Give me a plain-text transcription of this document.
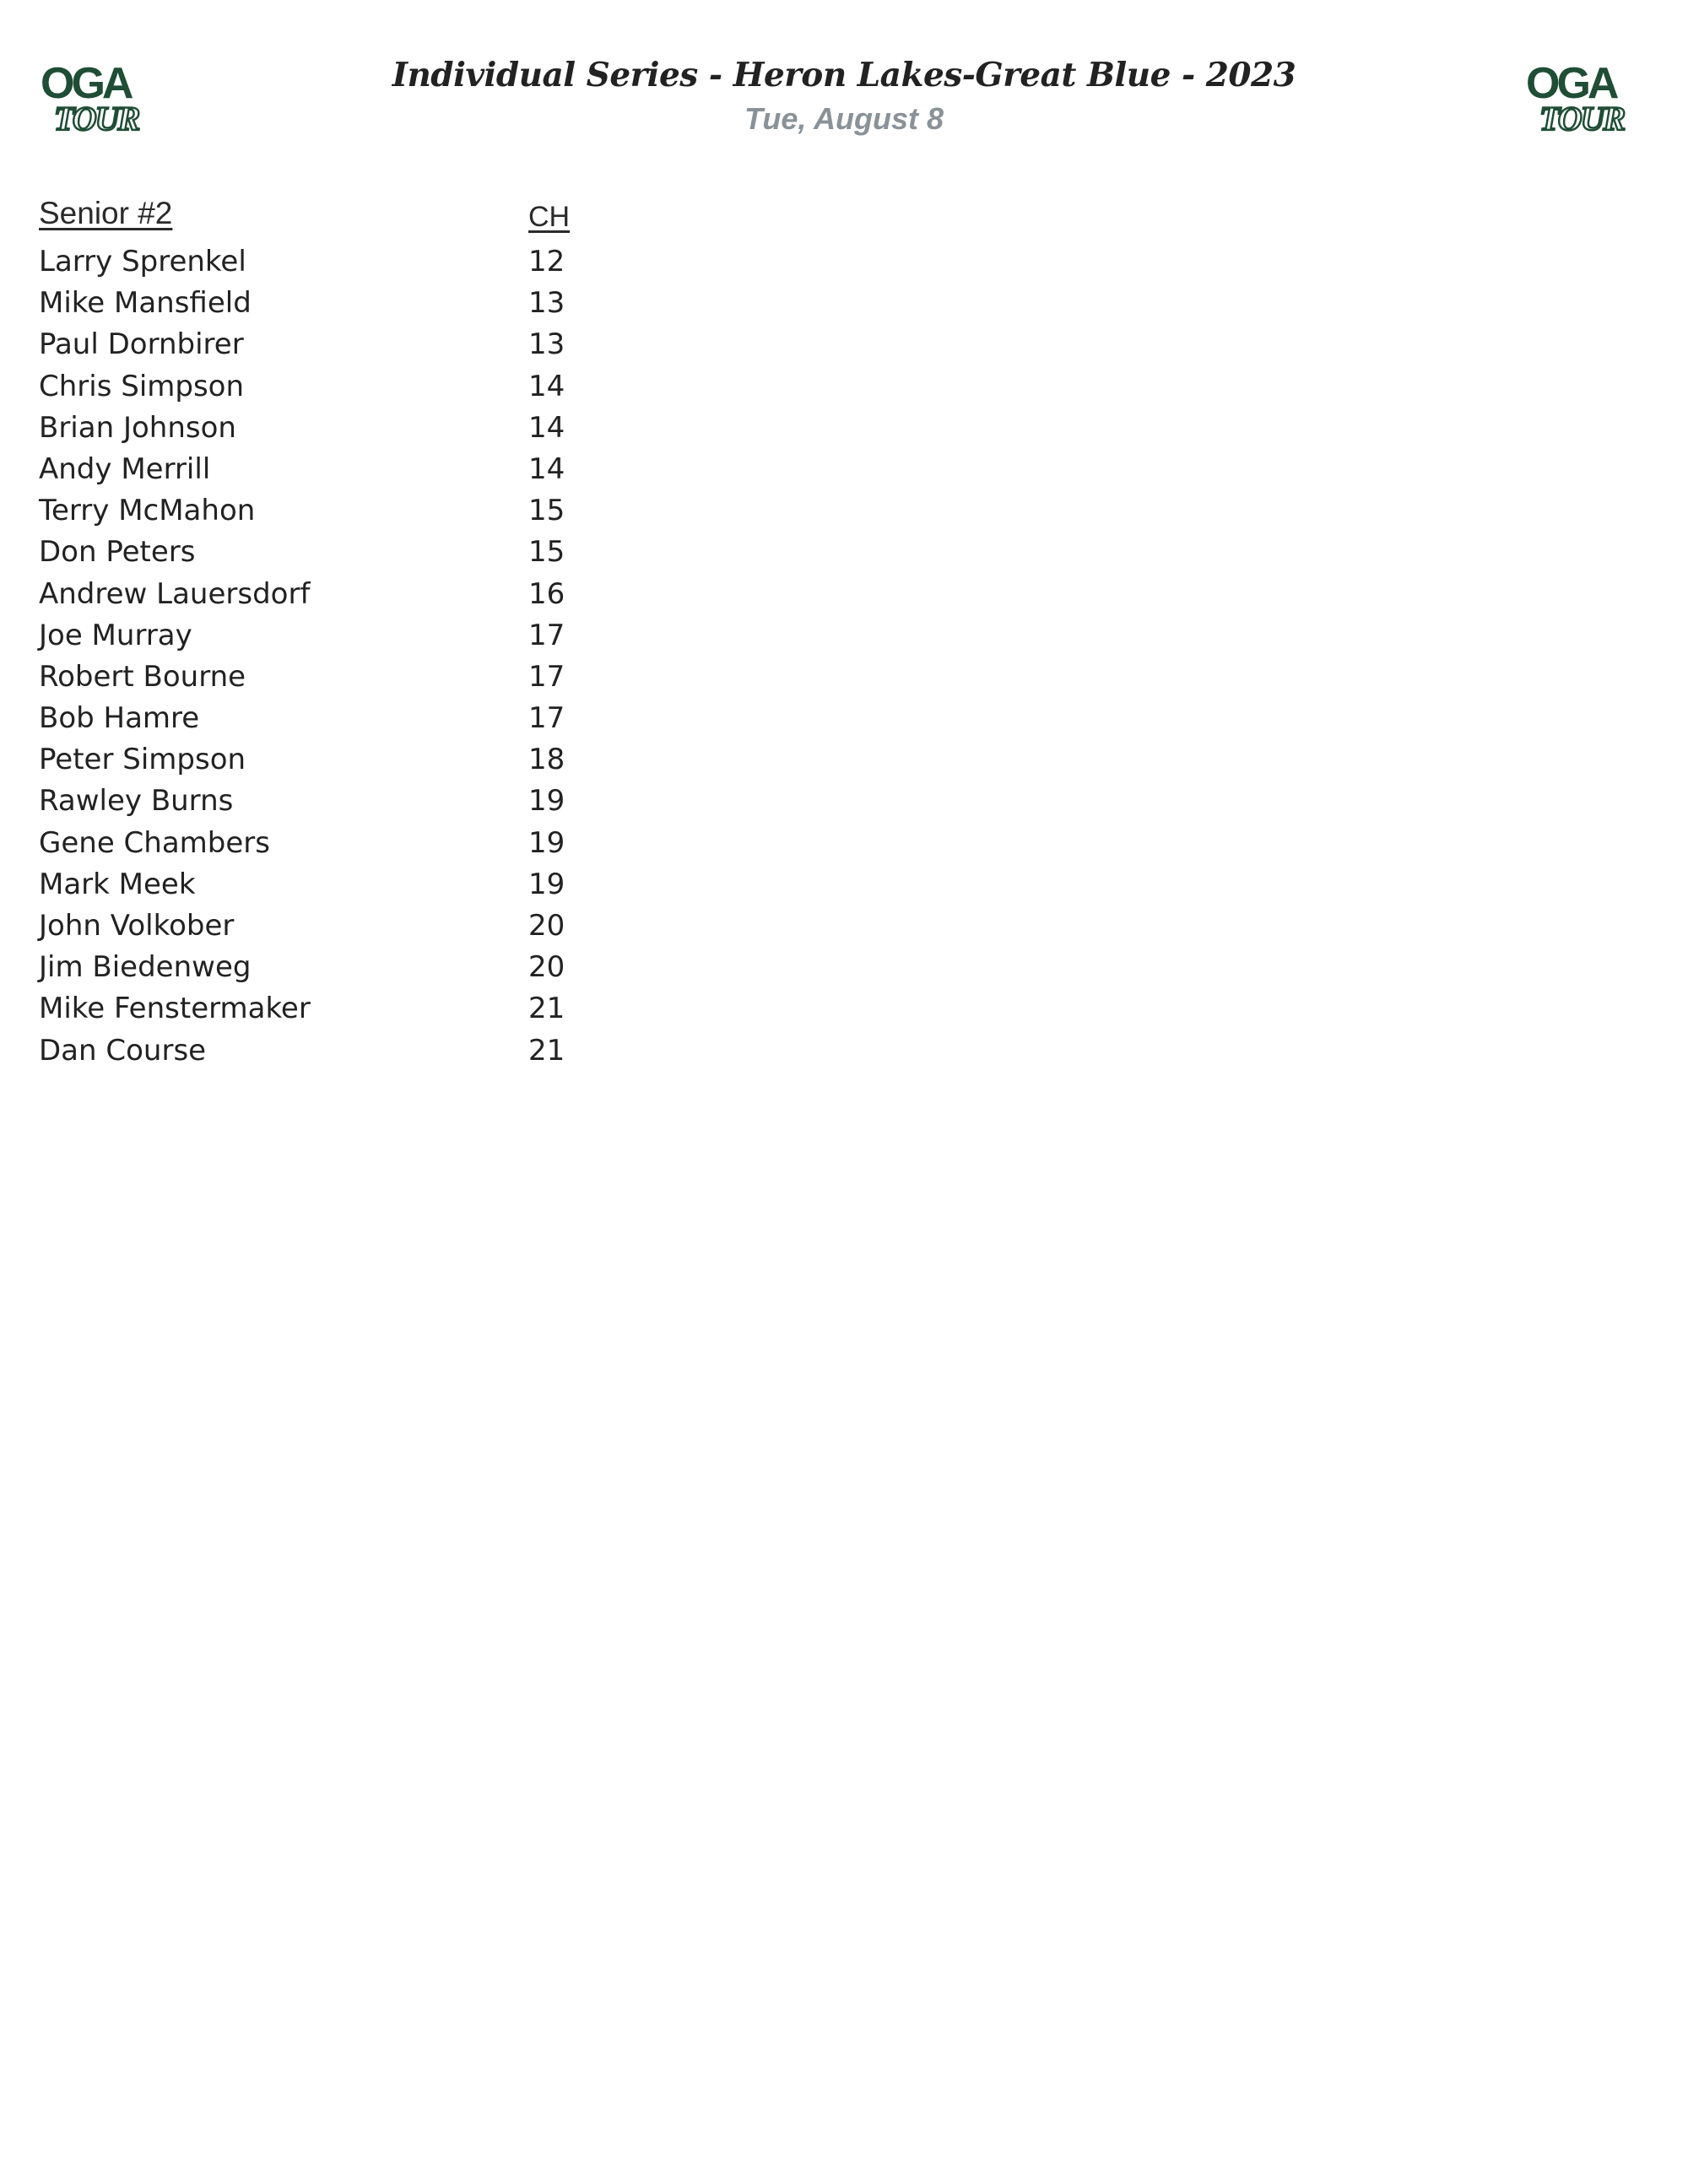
OGA
TOUR
OGA
TOUR
Individual Series - Heron Lakes-Great Blue - 2023
Tue, August 8
Senior #2	CH
Larry Sprenkel	12
Mike Mansfield	13
Paul Dornbirer	13
Chris Simpson	14
Brian Johnson	14
Andy Merrill	14
Terry McMahon	15
Don Peters	15
Andrew Lauersdorf	16
Joe Murray	17
Robert Bourne	17
Bob Hamre	17
Peter Simpson	18
Rawley Burns	19
Gene Chambers	19
Mark Meek	19
John Volkober	20
Jim Biedenweg	20
Mike Fenstermaker	21
Dan Course	21
